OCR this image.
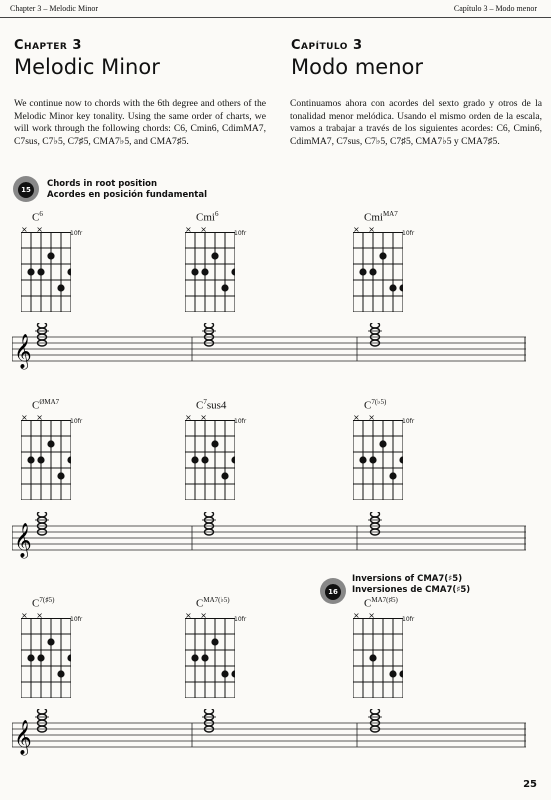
Chapter 3 – Melodic Minor	Capítulo 3 – Modo menor
Chapter 3
Melodic Minor
We continue now to chords with the 6th degree and others of the Melodic Minor key tonality. Using the same order of charts, we will work through the following chords: C6, Cmin6, CdimMA7, C7sus, C7♭5, C7♯5, CMA7♭5, and CMA7♯5.
Capítulo 3
Modo menor
Continuamos ahora con acordes del sexto grado y otros de la tonalidad menor melódica. Usando el mismo orden de la escala, vamos a trabajar a través de los siguientes acordes: C6, Cmin6, CdimMA7, C7sus, C7♭5, C7♯5, CMA7♭5 y CMA7♯5.
15
Chords in root position
Acordes en posición fundamental
16
Inversions of CMA7(♯5)
Inversiones de CMA7(♯5)
$C^6$
× ×	10fr
Cmi$^6$
× ×	10fr
Cmi$^{MA7}$
× ×	10fr
$C^{ØMA7}$
× ×	10fr
$C^7sus4$
× ×	10fr
$C^{7(♭5)}$
× ×	10fr
$C^{7(♯5)}$
× ×	10fr
$C^{MA7(♭5)}$
× ×	10fr
$C^{MA7(♯5)}$
× ×	10fr
𝄞
𝄞
𝄞
25
